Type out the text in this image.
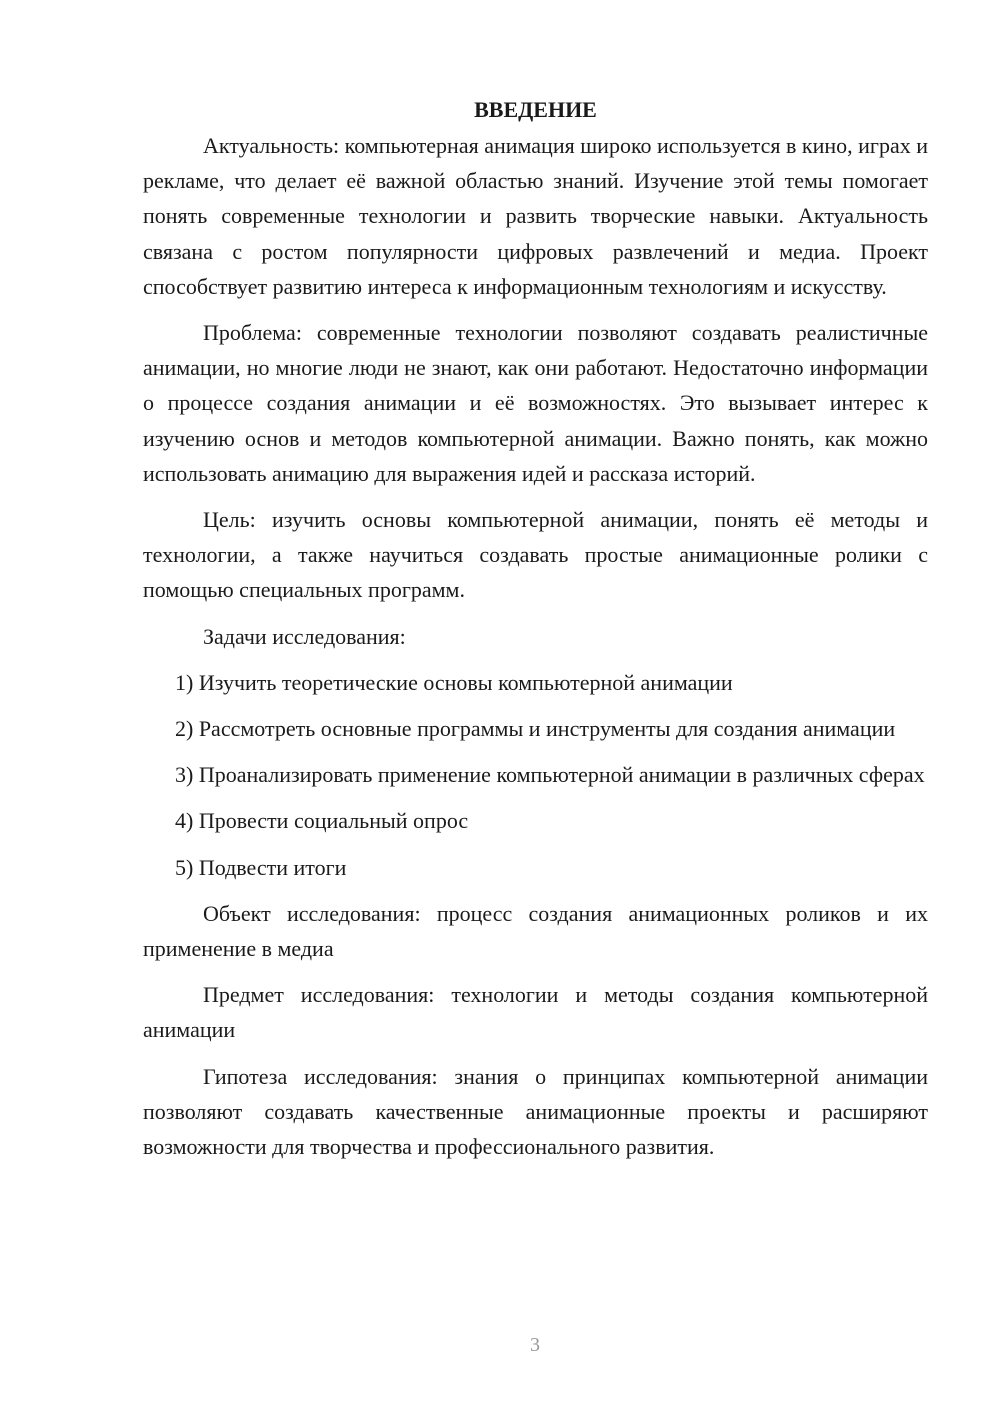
ВВЕДЕНИЕ

Актуальность: компьютерная анимация широко используется в кино, играх и рекламе, что делает её важной областью знаний. Изучение этой темы помогает понять современные технологии и развить творческие навыки. Актуальность связана с ростом популярности цифровых развлечений и медиа. Проект способствует развитию интереса к информационным технологиям и искусству.

Проблема: современные технологии позволяют создавать реалистичные анимации, но многие люди не знают, как они работают. Недостаточно информации о процессе создания анимации и её возможностях. Это вызывает интерес к изучению основ и методов компьютерной анимации. Важно понять, как можно использовать анимацию для выражения идей и рассказа историй.

Цель: изучить основы компьютерной анимации, понять её методы и технологии, а также научиться создавать простые анимационные ролики с помощью специальных программ.

Задачи исследования:

1) Изучить теоретические основы компьютерной анимации

2) Рассмотреть основные программы и инструменты для создания анимации

3) Проанализировать применение компьютерной анимации в различных сферах

4) Провести социальный опрос

5) Подвести итоги

Объект исследования: процесс создания анимационных роликов и их применение в медиа

Предмет исследования: технологии и методы создания компьютерной анимации

Гипотеза исследования: знания о принципах компьютерной анимации позволяют создавать качественные анимационные проекты и расширяют возможности для творчества и профессионального развития.

3
